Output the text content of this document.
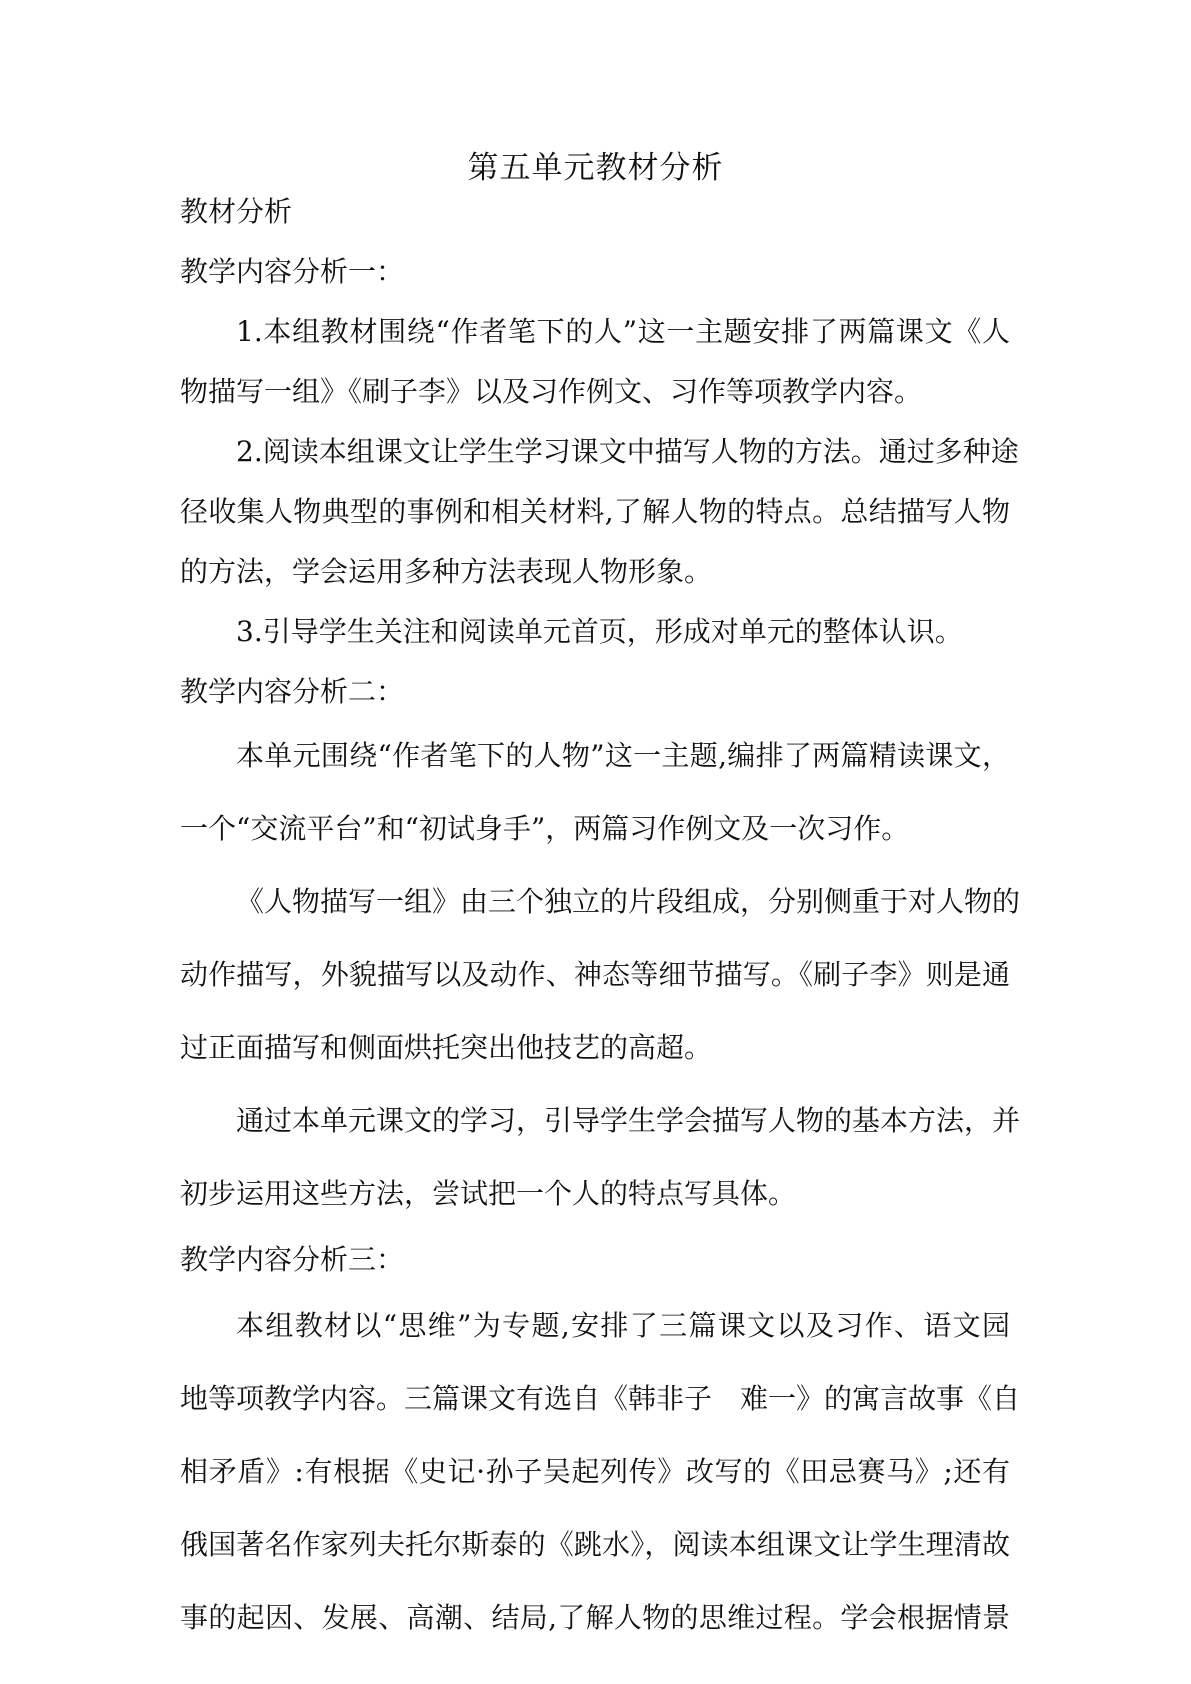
第五单元教材分析
教材分析
教学内容分析一：
1.本组教材围绕“作者笔下的人”这一主题安排了两篇课文《人
物描写一组》《刷子李》以及习作例文、习作等项教学内容。
2.阅读本组课文让学生学习课文中描写人物的方法。通过多种途
径收集人物典型的事例和相关材料,了解人物的特点。总结描写人物
的方法，学会运用多种方法表现人物形象。
3.引导学生关注和阅读单元首页，形成对单元的整体认识。
教学内容分析二：
本单元围绕“作者笔下的人物”这一主题,编排了两篇精读课文，
一个“交流平台”和“初试身手”，两篇习作例文及一次习作。
《人物描写一组》由三个独立的片段组成，分别侧重于对人物的
动作描写，外貌描写以及动作、神态等细节描写。《刷子李》则是通
过正面描写和侧面烘托突出他技艺的高超。
通过本单元课文的学习，引导学生学会描写人物的基本方法，并
初步运用这些方法，尝试把一个人的特点写具体。
教学内容分析三：
本组教材以“思维”为专题,安排了三篇课文以及习作、语文园
地等项教学内容。三篇课文有选自《韩非子　难一》的寓言故事《自
相矛盾》:有根据《史记·孙子吴起列传》改写的《田忌赛马》;还有
俄国著名作家列夫托尔斯泰的《跳水》，阅读本组课文让学生理清故
事的起因、发展、高潮、结局,了解人物的思维过程。学会根据情景
